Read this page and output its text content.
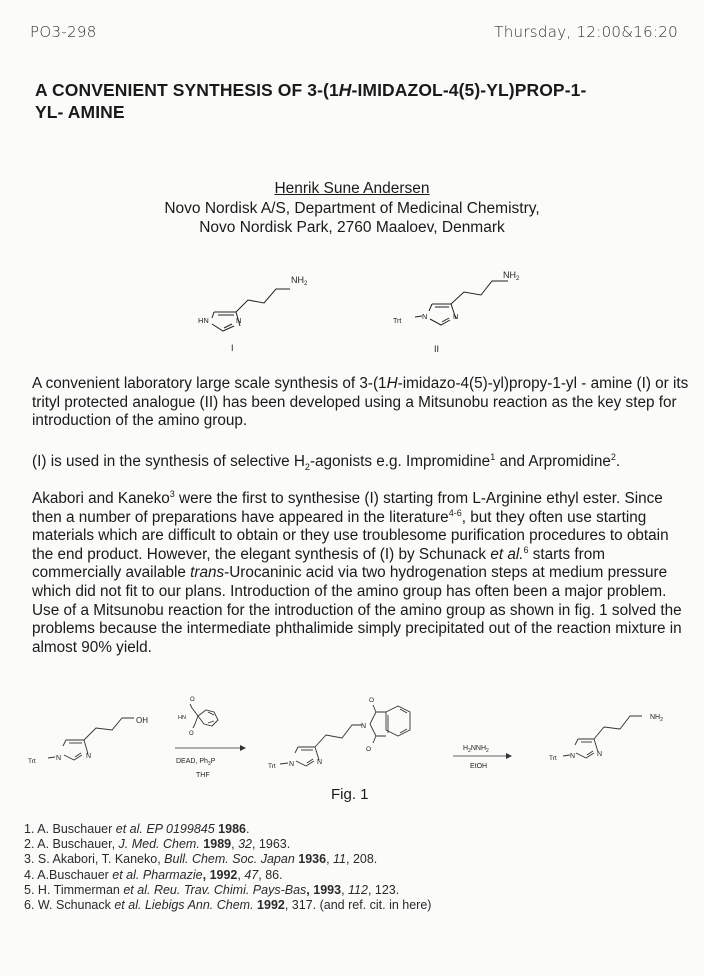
PO3-298	Thursday, 12:00&16:20
A CONVENIENT SYNTHESIS OF 3-(1H-IMIDAZOL-4(5)-YL)PROP-1-
YL- AMINE
Henrik Sune Andersen
Novo Nordisk A/S, Department of Medicinal Chemistry,
Novo Nordisk Park, 2760 Maaloev, Denmark
$NH_2$
HN	N
I
$NH_2$
Trt
N	N
II
A convenient laboratory large scale synthesis of 3-(1H-imidazo-4(5)-yl)propy-1-yl - amine (I) or its trityl protected analogue (II) has been developed using a Mitsunobu reaction as the key step for introduction of the amino group.
(I) is used in the synthesis of selective $H_2$-agonists e.g. Impromidine$^1$ and Arpromidine$^2$.
Akabori and Kaneko$^3$ were the first to synthesise (I) starting from L-Arginine ethyl ester. Since then a number of preparations have appeared in the literature$^{4-6}$, but they often use starting materials which are difficult to obtain or they use troublesome purification procedures to obtain the end product. However, the elegant synthesis of (I) by Schunack et al.$^6$ starts from commercially available trans-Urocaninic acid via two hydrogenation steps at medium pressure which did not fit to our plans. Introduction of the amino group has often been a major problem. Use of a Mitsunobu reaction for the introduction of the amino group as shown in fig. 1 solved the problems because the intermediate phthalimide simply precipitated out of the reaction mixture in almost 90% yield.
OH
Trt	N	N
O
O
HN
DEAD, $Ph_3P$
THF
N
O
O
Trt N	N
$H_2NNH_2$
EtOH
$NH_2$
Trt N	N
Fig. 1
1. A. Buschauer et al. EP 0199845 1986.
2. A. Buschauer, J. Med. Chem. 1989, 32, 1963.
3. S. Akabori, T. Kaneko, Bull. Chem. Soc. Japan 1936, 11, 208.
4. A.Buschauer et al. Pharmazie, 1992, 47, 86.
5. H. Timmerman et al. Reu. Trav. Chimi. Pays-Bas, 1993, 112, 123.
6. W. Schunack et al. Liebigs Ann. Chem. 1992, 317. (and ref. cit. in here)
